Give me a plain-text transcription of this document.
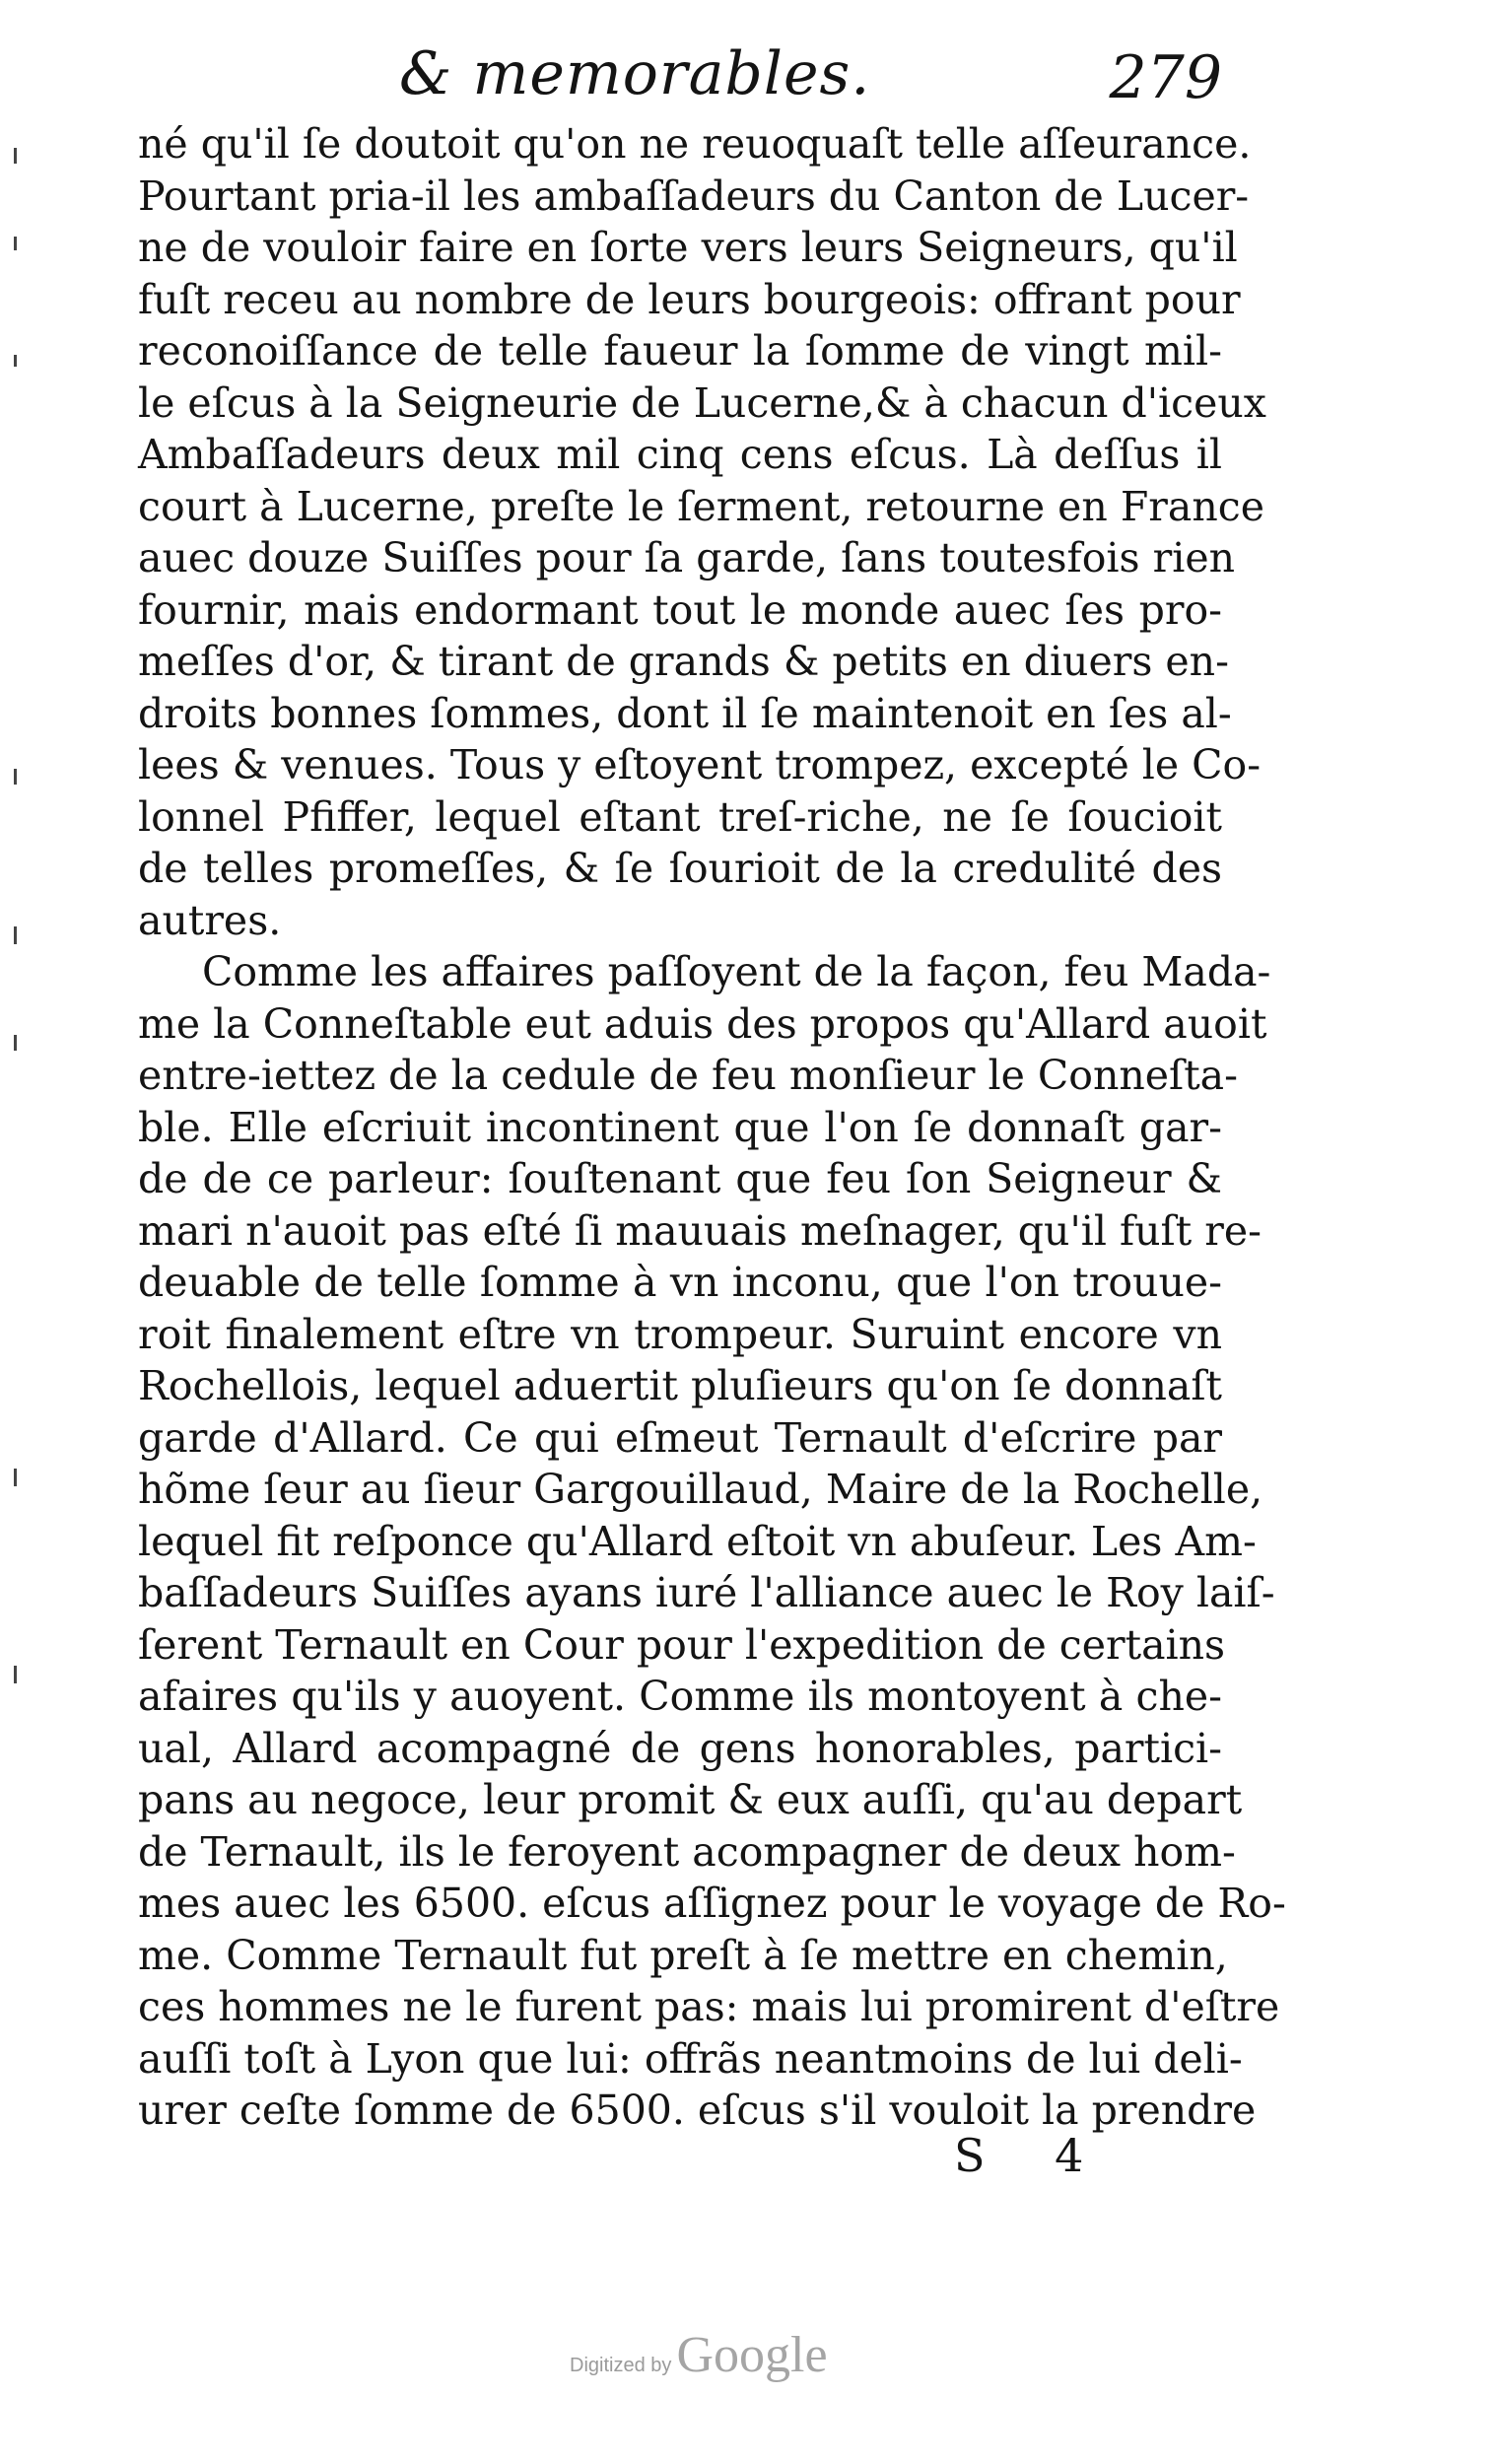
& memorables.	279
né qu'il ſe doutoit qu'on ne reuoquaſt telle aſſeurance.
Pourtant pria-il les ambaſſadeurs du Canton de Lucer-
ne de vouloir faire en ſorte vers leurs Seigneurs, qu'il
fuſt receu au nombre de leurs bourgeois: offrant pour
reconoiſſance de telle faueur la ſomme de vingt mil-
le eſcus à la Seigneurie de Lucerne,& à chacun d'iceux
Ambaſſadeurs deux mil cinq cens eſcus. Là deſſus il
court à Lucerne, preſte le ſerment, retourne en France
auec douze Suiſſes pour ſa garde, ſans toutesfois rien
fournir, mais endormant tout le monde auec ſes pro-
meſſes d'or, & tirant de grands & petits en diuers en-
droits bonnes ſommes, dont il ſe maintenoit en ſes al-
lees & venues. Tous y eſtoyent trompez, excepté le Co-
lonnel Pfiffer, lequel eſtant treſ-riche, ne ſe ſoucioit
de telles promeſſes, & ſe ſourioit de la credulité des
autres.
Comme les affaires paſſoyent de la façon, feu Mada-
me la Conneſtable eut aduis des propos qu'Allard auoit
entre-iettez de la cedule de feu monſieur le Conneſta-
ble. Elle eſcriuit incontinent que l'on ſe donnaſt gar-
de de ce parleur: ſouſtenant que feu ſon Seigneur &
mari n'auoit pas eſté ſi mauuais meſnager, qu'il fuſt re-
deuable de telle ſomme à vn inconu, que l'on trouue-
roit finalement eſtre vn trompeur. Suruint encore vn
Rochellois, lequel aduertit pluſieurs qu'on ſe donnaſt
garde d'Allard. Ce qui eſmeut Ternault d'eſcrire par
hõme ſeur au ſieur Gargouillaud, Maire de la Rochelle,
lequel fit reſponce qu'Allard eſtoit vn abuſeur. Les Am-
baſſadeurs Suiſſes ayans iuré l'alliance auec le Roy laiſ-
ſerent Ternault en Cour pour l'expedition de certains
afaires qu'ils y auoyent. Comme ils montoyent à che-
ual, Allard acompagné de gens honorables, partici-
pans au negoce, leur promit & eux auſſi, qu'au depart
de Ternault, ils le feroyent acompagner de deux hom-
mes auec les 6500. eſcus aſſignez pour le voyage de Ro-
me. Comme Ternault fut preſt à ſe mettre en chemin,
ces hommes ne le furent pas: mais lui promirent d'eſtre
auſſi toſt à Lyon que lui: offrãs neantmoins de lui deli-
urer ceſte ſomme de 6500. eſcus s'il vouloit la prendre
S 4
Digitized by Google
